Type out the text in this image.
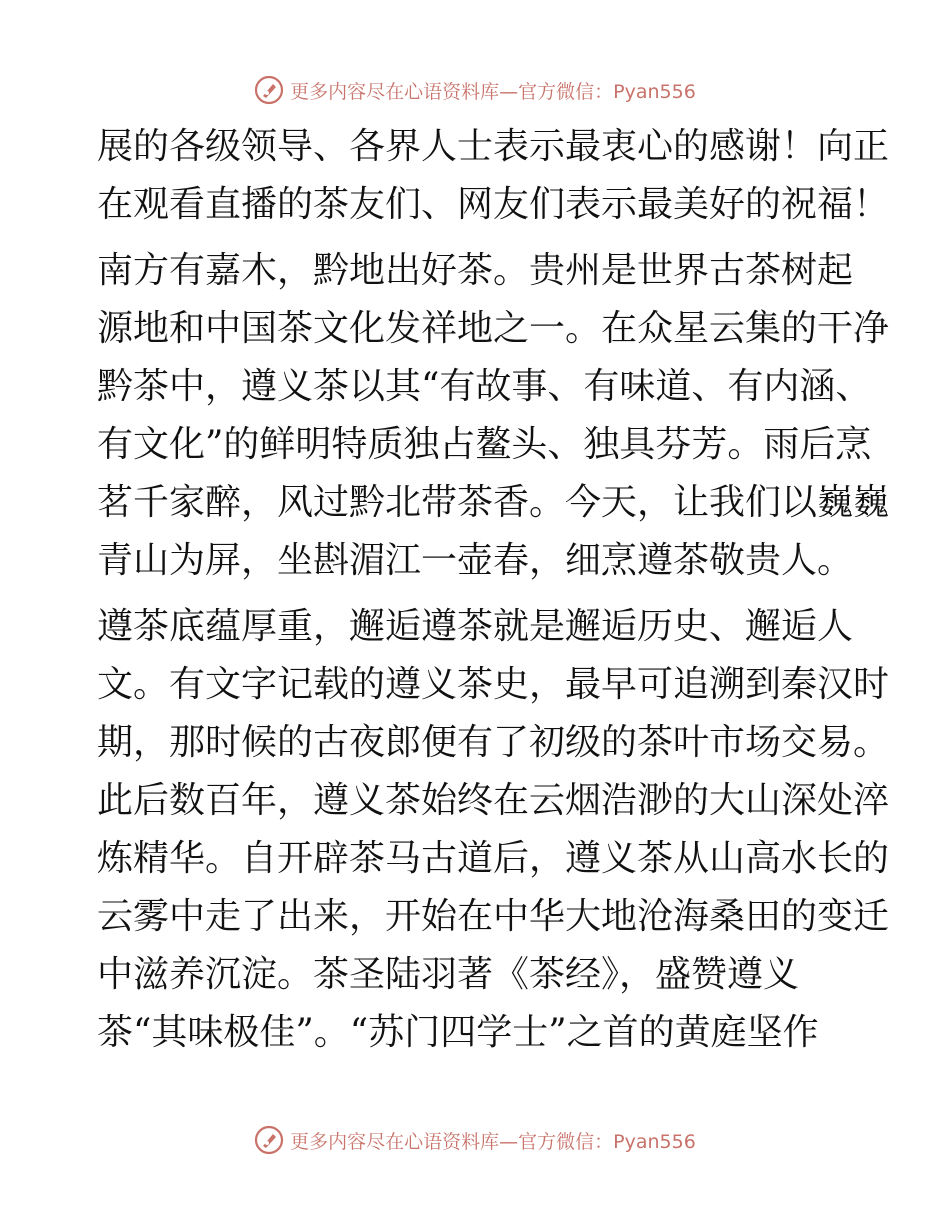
更多内容尽在心语资料库—官方微信：Pyan556

展的各级领导、各界人士表示最衷心的感谢！向正
在观看直播的茶友们、网友们表示最美好的祝福！

南方有嘉木，黔地出好茶。贵州是世界古茶树起
源地和中国茶文化发祥地之一。在众星云集的干净
黔茶中，遵义茶以其“有故事、有味道、有内涵、
有文化”的鲜明特质独占鳌头、独具芬芳。雨后烹
茗千家醉，风过黔北带茶香。今天，让我们以巍巍
青山为屏，坐斟湄江一壶春，细烹遵茶敬贵人。

遵茶底蕴厚重，邂逅遵茶就是邂逅历史、邂逅人
文。有文字记载的遵义茶史，最早可追溯到秦汉时
期，那时候的古夜郎便有了初级的茶叶市场交易。
此后数百年，遵义茶始终在云烟浩渺的大山深处淬
炼精华。自开辟茶马古道后，遵义茶从山高水长的
云雾中走了出来，开始在中华大地沧海桑田的变迁
中滋养沉淀。茶圣陆羽著《茶经》，盛赞遵义
茶“其味极佳”。“苏门四学士”之首的黄庭坚作

更多内容尽在心语资料库—官方微信：Pyan556
